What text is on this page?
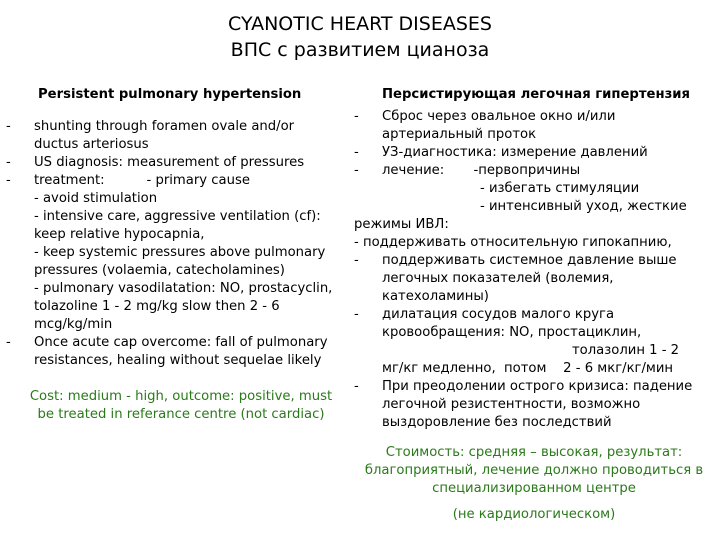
CYANOTIC HEART DISEASES
ВПС с развитием цианоза
Persistent pulmonary hypertension
-	shunting through foramen ovale and/or ductus arteriosus
-	US diagnosis: measurement of pressures
-	treatment:          - primary cause
- avoid stimulation
- intensive care, aggressive ventilation (cf):
keep relative hypocapnia,
- keep systemic pressures above pulmonary pressures (volaemia, catecholamines)
- pulmonary vasodilatation: NO, prostacyclin,
tolazoline 1 - 2 mg/kg slow then 2 - 6 mcg/kg/min
-	Once acute cap overcome: fall of pulmonary resistances, healing without sequelae likely
Cost: medium - high, outcome: positive, must be treated in referance centre (not cardiac)
Персистирующая легочная гипертензия
-	Сброс через овальное окно и/или артериальный проток
-	УЗ-диагностика: измерение давлений
-	лечение:       -первопричины
- избегать стимуляции
- интенсивный уход, жесткие
режимы ИВЛ:
- поддерживать относительную гипокапнию,
-	поддерживать системное давление выше легочных показателей (волемия, катехоламины)
-	дилатация сосудов малого круга кровообращения: NO, простациклин,
толазолин 1 - 2
мг/кг медленно,  потом    2 - 6 мкг/кг/мин
-	При преодолении острого кризиса: падение легочной резистентности, возможно выздоровление без последствий
Стоимость: средняя – высокая, результат: благоприятный, лечение должно проводиться в специализированном центре
(не кардиологическом)
